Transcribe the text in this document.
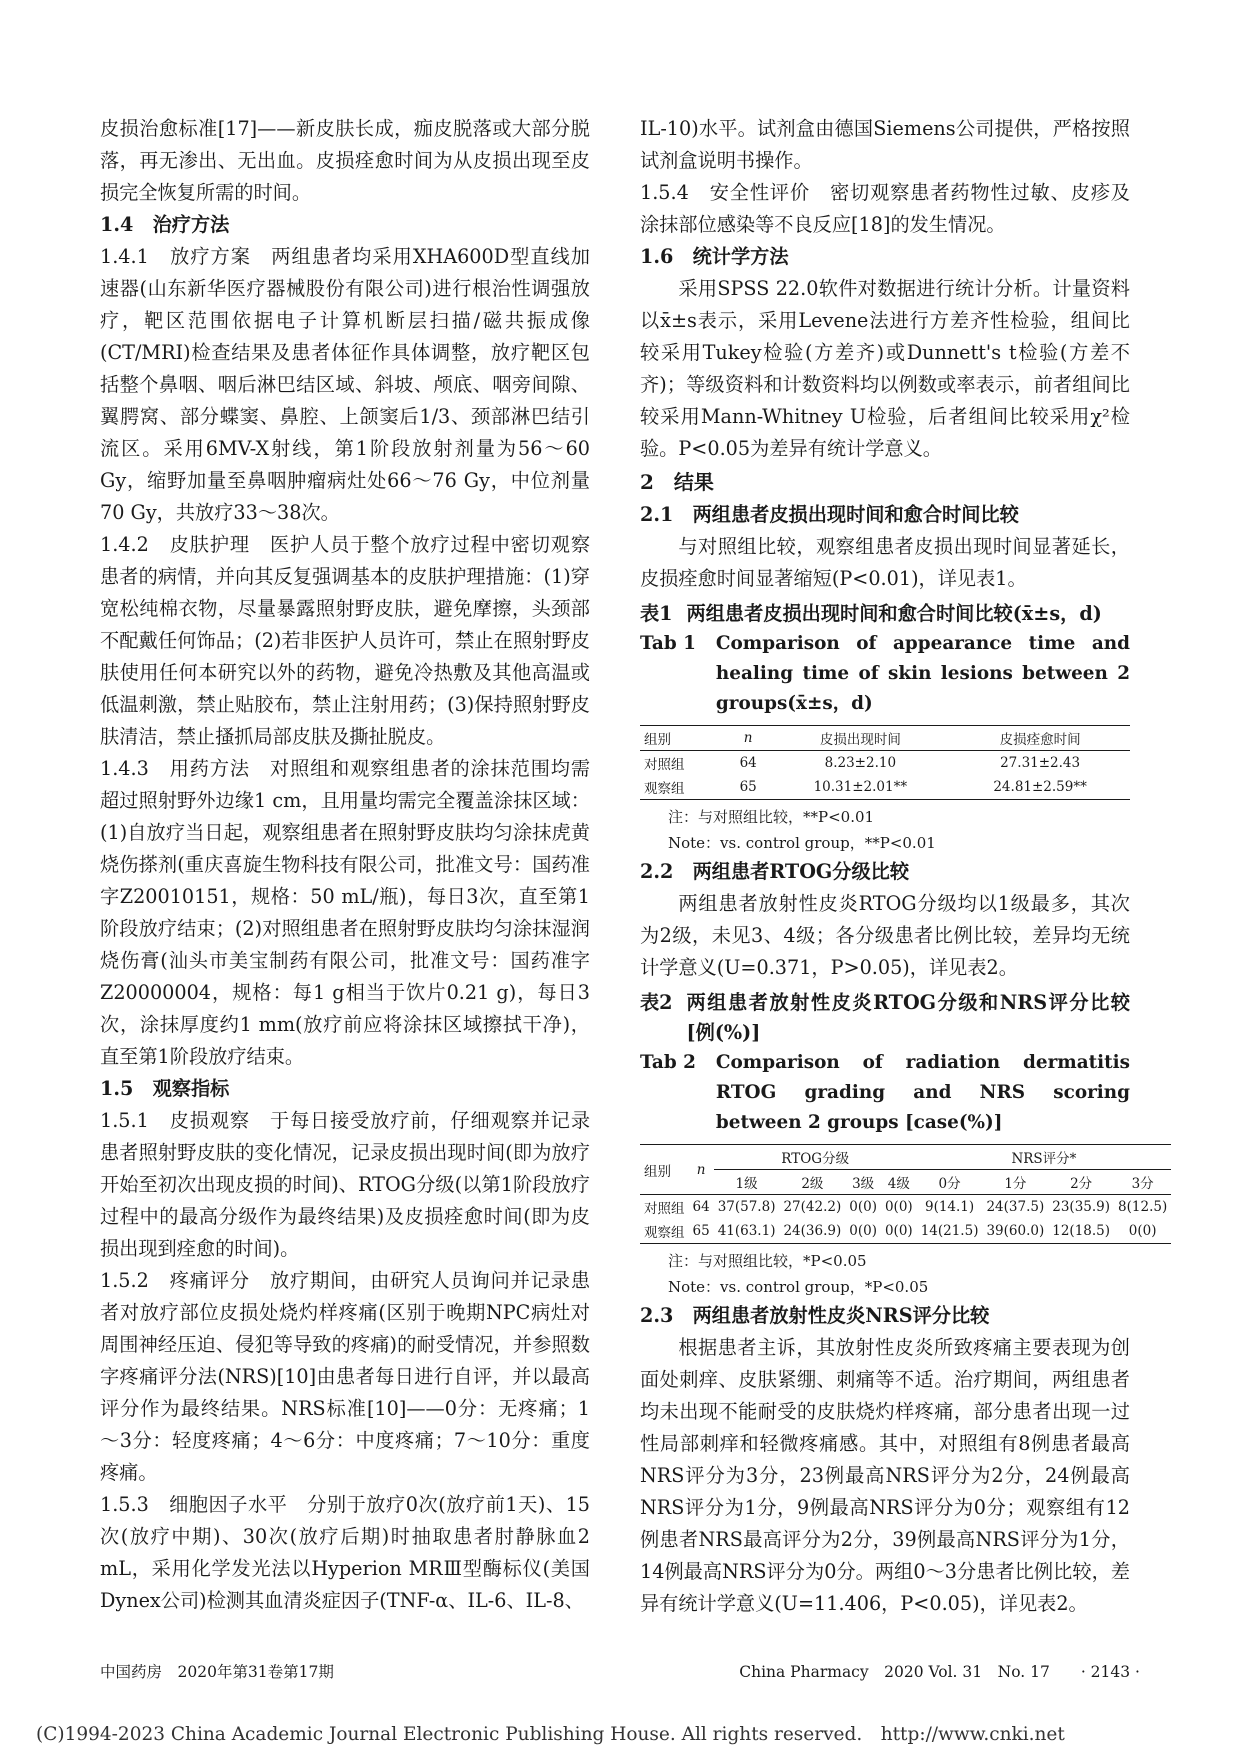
皮损治愈标准[17]——新皮肤长成，痂皮脱落或大部分脱落，再无渗出、无出血。皮损痊愈时间为从皮损出现至皮损完全恢复所需的时间。

1.4　治疗方法

1.4.1　放疗方案　两组患者均采用XHA600D型直线加速器(山东新华医疗器械股份有限公司)进行根治性调强放疗，靶区范围依据电子计算机断层扫描/磁共振成像(CT/MRI)检查结果及患者体征作具体调整，放疗靶区包括整个鼻咽、咽后淋巴结区域、斜坡、颅底、咽旁间隙、翼腭窝、部分蝶窦、鼻腔、上颌窦后1/3、颈部淋巴结引流区。采用6MV-X射线，第1阶段放射剂量为56～60 Gy，缩野加量至鼻咽肿瘤病灶处66～76 Gy，中位剂量70 Gy，共放疗33～38次。

1.4.2　皮肤护理　医护人员于整个放疗过程中密切观察患者的病情，并向其反复强调基本的皮肤护理措施：(1)穿宽松纯棉衣物，尽量暴露照射野皮肤，避免摩擦，头颈部不配戴任何饰品；(2)若非医护人员许可，禁止在照射野皮肤使用任何本研究以外的药物，避免冷热敷及其他高温或低温刺激，禁止贴胶布，禁止注射用药；(3)保持照射野皮肤清洁，禁止搔抓局部皮肤及撕扯脱皮。

1.4.3　用药方法　对照组和观察组患者的涂抹范围均需超过照射野外边缘1 cm，且用量均需完全覆盖涂抹区域：(1)自放疗当日起，观察组患者在照射野皮肤均匀涂抹虎黄烧伤搽剂(重庆喜旋生物科技有限公司，批准文号：国药准字Z20010151，规格：50 mL/瓶)，每日3次，直至第1阶段放疗结束；(2)对照组患者在照射野皮肤均匀涂抹湿润烧伤膏(汕头市美宝制药有限公司，批准文号：国药准字Z20000004，规格：每1 g相当于饮片0.21 g)，每日3次，涂抹厚度约1 mm(放疗前应将涂抹区域擦拭干净)，直至第1阶段放疗结束。

1.5　观察指标

1.5.1　皮损观察　于每日接受放疗前，仔细观察并记录患者照射野皮肤的变化情况，记录皮损出现时间(即为放疗开始至初次出现皮损的时间)、RTOG分级(以第1阶段放疗过程中的最高分级作为最终结果)及皮损痊愈时间(即为皮损出现到痊愈的时间)。

1.5.2　疼痛评分　放疗期间，由研究人员询问并记录患者对放疗部位皮损处烧灼样疼痛(区别于晚期NPC病灶对周围神经压迫、侵犯等导致的疼痛)的耐受情况，并参照数字疼痛评分法(NRS)[10]由患者每日进行自评，并以最高评分作为最终结果。NRS标准[10]——0分：无疼痛；1～3分：轻度疼痛；4～6分：中度疼痛；7～10分：重度疼痛。

1.5.3　细胞因子水平　分别于放疗0次(放疗前1天)、15次(放疗中期)、30次(放疗后期)时抽取患者肘静脉血2 mL，采用化学发光法以Hyperion MRⅢ型酶标仪(美国Dynex公司)检测其血清炎症因子(TNF-α、IL-6、IL-8、

IL-10)水平。试剂盒由德国Siemens公司提供，严格按照试剂盒说明书操作。

1.5.4　安全性评价　密切观察患者药物性过敏、皮疹及涂抹部位感染等不良反应[18]的发生情况。

1.6　统计学方法

采用SPSS 22.0软件对数据进行统计分析。计量资料以x̄±s表示，采用Levene法进行方差齐性检验，组间比较采用Tukey检验(方差齐)或Dunnett's t检验(方差不齐)；等级资料和计数资料均以例数或率表示，前者组间比较采用Mann-Whitney U检验，后者组间比较采用χ²检验。P<0.05为差异有统计学意义。

2　结果
2.1　两组患者皮损出现时间和愈合时间比较

与对照组比较，观察组患者皮损出现时间显著延长，皮损痊愈时间显著缩短(P<0.01)，详见表1。

表1 两组患者皮损出现时间和愈合时间比较(x̄±s，d)
Tab 1 Comparison of appearance time and healing time of skin lesions between 2 groups(x̄±s，d)
组别	n	皮损出现时间	皮损痊愈时间
对照组	64	8.23±2.10	27.31±2.43
观察组	65	10.31±2.01**	24.81±2.59**
注：与对照组比较，**P<0.01
Note：vs. control group，**P<0.01
2.2　两组患者RTOG分级比较

两组患者放射性皮炎RTOG分级均以1级最多，其次为2级，未见3、4级；各分级患者比例比较，差异均无统计学意义(U=0.371，P>0.05)，详见表2。

表2 两组患者放射性皮炎RTOG分级和NRS评分比较[例(%)]
Tab 2 Comparison of radiation dermatitis RTOG grading and NRS scoring between 2 groups [case(%)]
组别	n	RTOG分级				NRS评分*			
		1级	2级	3级	4级	0分	1分	2分	3分
对照组	64	37(57.8)	27(42.2)	0(0)	0(0)	9(14.1)	24(37.5)	23(35.9)	8(12.5)
观察组	65	41(63.1)	24(36.9)	0(0)	0(0)	14(21.5)	39(60.0)	12(18.5)	0(0)
注：与对照组比较，*P<0.05
Note：vs. control group，*P<0.05
2.3　两组患者放射性皮炎NRS评分比较

根据患者主诉，其放射性皮炎所致疼痛主要表现为创面处刺痒、皮肤紧绷、刺痛等不适。治疗期间，两组患者均未出现不能耐受的皮肤烧灼样疼痛，部分患者出现一过性局部刺痒和轻微疼痛感。其中，对照组有8例患者最高NRS评分为3分，23例最高NRS评分为2分，24例最高NRS评分为1分，9例最高NRS评分为0分；观察组有12例患者NRS最高评分为2分，39例最高NRS评分为1分，14例最高NRS评分为0分。两组0～3分患者比例比较，差异有统计学意义(U=11.406，P<0.05)，详见表2。

中国药房　2020年第31卷第17期	China Pharmacy　2020 Vol. 31　No. 17　　· 2143 ·
(C)1994-2023 China Academic Journal Electronic Publishing House. All rights reserved.　http://www.cnki.net
